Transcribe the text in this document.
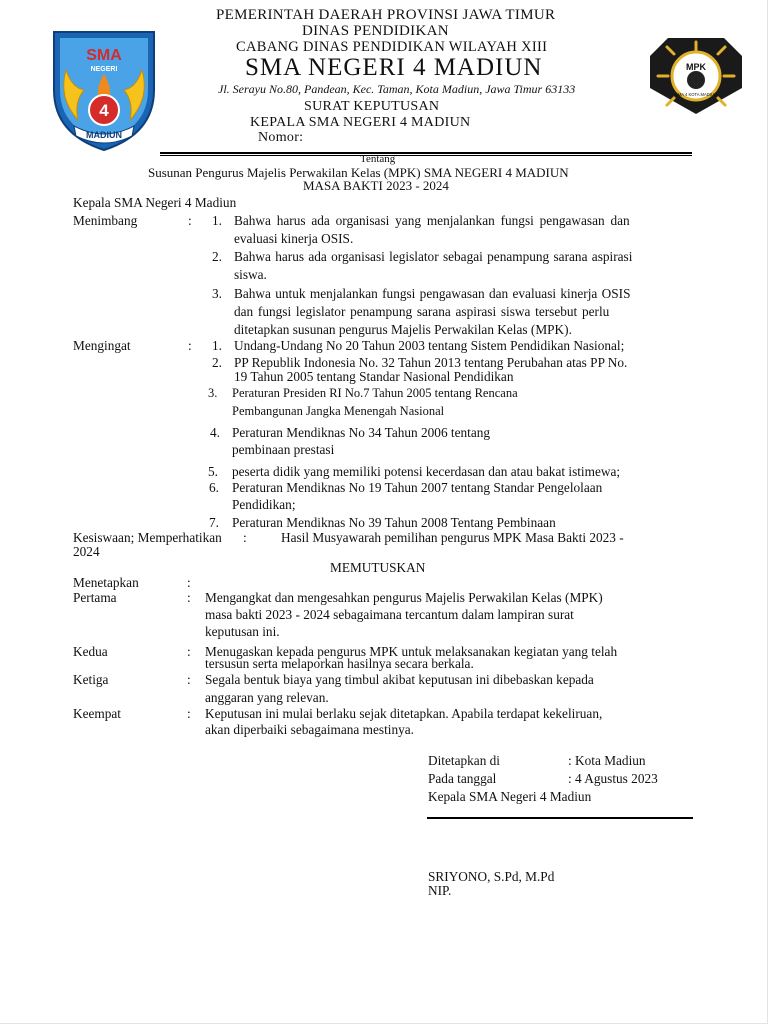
SMA
NEGERI
4
MADIUN
MPK
SMA 4 KOTA MADIUN
PEMERINTAH DAERAH PROVINSI JAWA TIMUR
DINAS PENDIDIKAN
CABANG DINAS PENDIDIKAN WILAYAH XIII
SMA NEGERI 4 MADIUN
Jl. Serayu No.80, Pandean, Kec. Taman, Kota Madiun, Jawa Timur 63133
SURAT KEPUTUSAN
KEPALA SMA NEGERI 4 MADIUN
Nomor:
Tentang
Susunan Pengurus Majelis Perwakilan Kelas (MPK) SMA NEGERI 4 MADIUN
MASA BAKTI 2023 - 2024
Kepala SMA Negeri 4 Madiun
Menimbang	: 1. Bahwa harus ada organisasi yang menjalankan fungsi pengawasan dan
evaluasi kinerja OSIS.
2. Bahwa harus ada organisasi legislator sebagai penampung sarana aspirasi
siswa.
3. Bahwa untuk menjalankan fungsi pengawasan dan evaluasi kinerja OSIS
dan fungsi legislator penampung sarana aspirasi siswa tersebut perlu
ditetapkan susunan pengurus Majelis Perwakilan Kelas (MPK).
Mengingat	: 1. Undang-Undang No 20 Tahun 2003 tentang Sistem Pendidikan Nasional;
2. PP Republik Indonesia No. 32 Tahun 2013 tentang Perubahan atas PP No.
19 Tahun 2005 tentang Standar Nasional Pendidikan
3. Peraturan Presiden RI No.7 Tahun 2005 tentang Rencana
Pembangunan Jangka Menengah Nasional
4. Peraturan Mendiknas No 34 Tahun 2006 tentang
pembinaan prestasi
5. peserta didik yang memiliki potensi kecerdasan dan atau bakat istimewa;
6. Peraturan Mendiknas No 19 Tahun 2007 tentang Standar Pengelolaan
Pendidikan;
7. Peraturan Mendiknas No 39 Tahun 2008 Tentang Pembinaan
Kesiswaan; Memperhatikan :	Hasil Musyawarah pemilihan pengurus MPK Masa Bakti 2023 -
2024
MEMUTUSKAN
Menetapkan	:
Pertama	: Mengangkat dan mengesahkan pengurus Majelis Perwakilan Kelas (MPK)
masa bakti 2023 - 2024 sebagaimana tercantum dalam lampiran surat
keputusan ini.
Kedua	: Menugaskan kepada pengurus MPK untuk melaksanakan kegiatan yang telah
tersusun serta melaporkan hasilnya secara berkala.
Ketiga	: Segala bentuk biaya yang timbul akibat keputusan ini dibebaskan kepada
anggaran yang relevan.
Keempat	: Keputusan ini mulai berlaku sejak ditetapkan. Apabila terdapat kekeliruan,
akan diperbaiki sebagaimana mestinya.
Ditetapkan di	: Kota Madiun
Pada tanggal	: 4 Agustus 2023
Kepala SMA Negeri 4 Madiun
SRIYONO, S.Pd, M.Pd
NIP.
